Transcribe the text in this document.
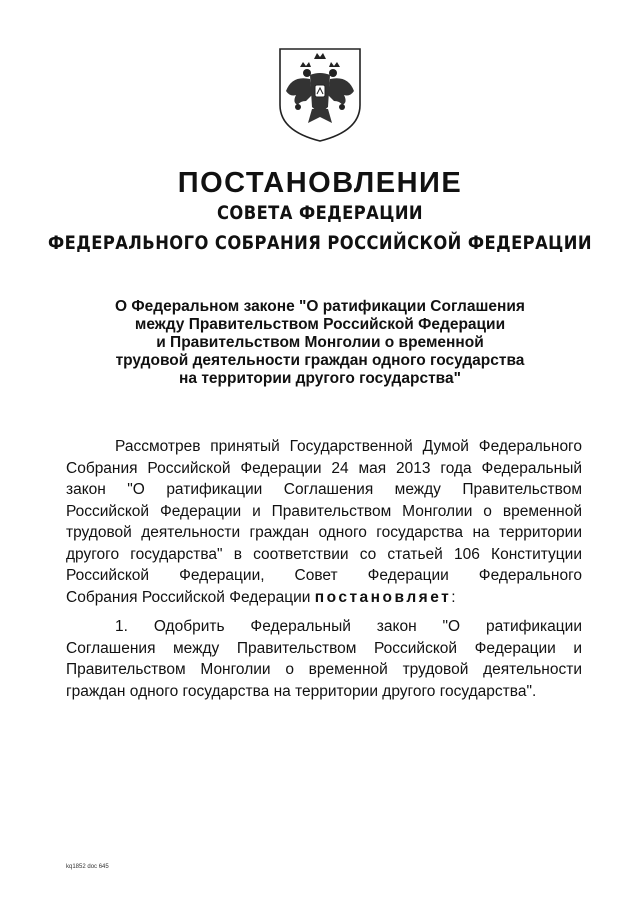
ПОСТАНОВЛЕНИЕ
СОВЕТА ФЕДЕРАЦИИ
ФЕДЕРАЛЬНОГО СОБРАНИЯ РОССИЙСКОЙ ФЕДЕРАЦИИ
О Федеральном законе "О ратификации Соглашения
между Правительством Российской Федерации
и Правительством Монголии о временной
трудовой деятельности граждан одного государства
на территории другого государства"
Рассмотрев принятый Государственной Думой Федерального
Собрания Российской Федерации 24 мая 2013 года Федеральный
закон "О ратификации Соглашения между Правительством
Российской Федерации и Правительством Монголии о временной
трудовой деятельности граждан одного государства на территории
другого государства" в соответствии со статьей 106 Конституции
Российской Федерации, Совет Федерации Федерального
Собрания Российской Федерации постановляет:
1. Одобрить Федеральный закон "О ратификации
Соглашения между Правительством Российской Федерации и
Правительством Монголии о временной трудовой деятельности
граждан одного государства на территории другого государства".
kq1852 doc 645
